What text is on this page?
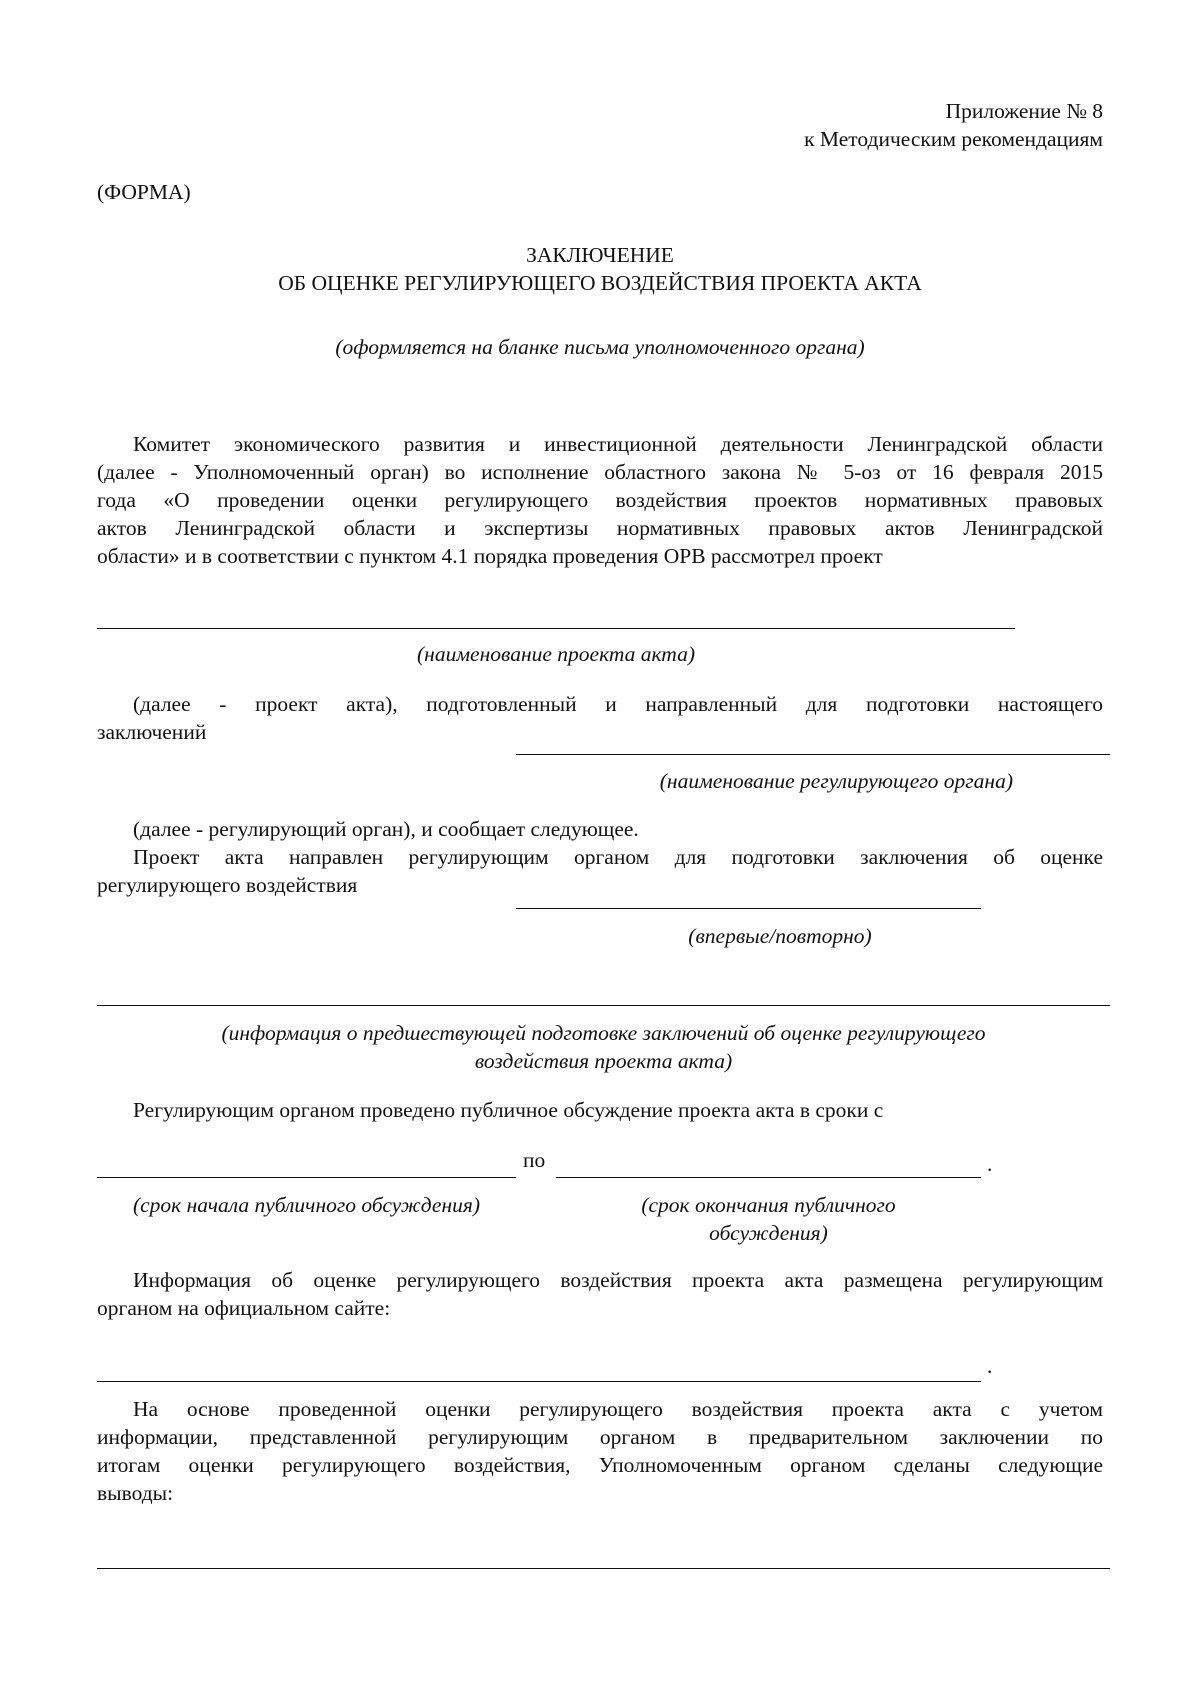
Приложение № 8
к Методическим рекомендациям
(ФОРМА)
ЗАКЛЮЧЕНИЕ
ОБ ОЦЕНКЕ РЕГУЛИРУЮЩЕГО ВОЗДЕЙСТВИЯ ПРОЕКТА АКТА
(оформляется на бланке письма уполномоченного органа)
Комитет экономического развития и инвестиционной деятельности Ленинградской области
(далее - Уполномоченный орган) во исполнение областного закона № 5-оз от 16 февраля 2015
года «О проведении оценки регулирующего воздействия проектов нормативных правовых
актов Ленинградской области и экспертизы нормативных правовых актов Ленинградской
области» и в соответствии с пунктом 4.1 порядка проведения ОРВ рассмотрел проект
(наименование проекта акта)
(далее - проект акта), подготовленный и направленный для подготовки настоящего
заключений
(наименование регулирующего органа)
(далее - регулирующий орган), и сообщает следующее.
Проект акта направлен регулирующим органом для подготовки заключения об оценке
регулирующего воздействия
(впервые/повторно)
(информация о предшествующей подготовке заключений об оценке регулирующего
воздействия проекта акта)
Регулирующим органом проведено публичное обсуждение проекта акта в сроки с
по	.
(срок начала публичного обсуждения)	(срок окончания публичного
обсуждения)
Информация об оценке регулирующего воздействия проекта акта размещена регулирующим
органом на официальном сайте:
.
На основе проведенной оценки регулирующего воздействия проекта акта с учетом
информации, представленной регулирующим органом в предварительном заключении по
итогам оценки регулирующего воздействия, Уполномоченным органом сделаны следующие
выводы:
